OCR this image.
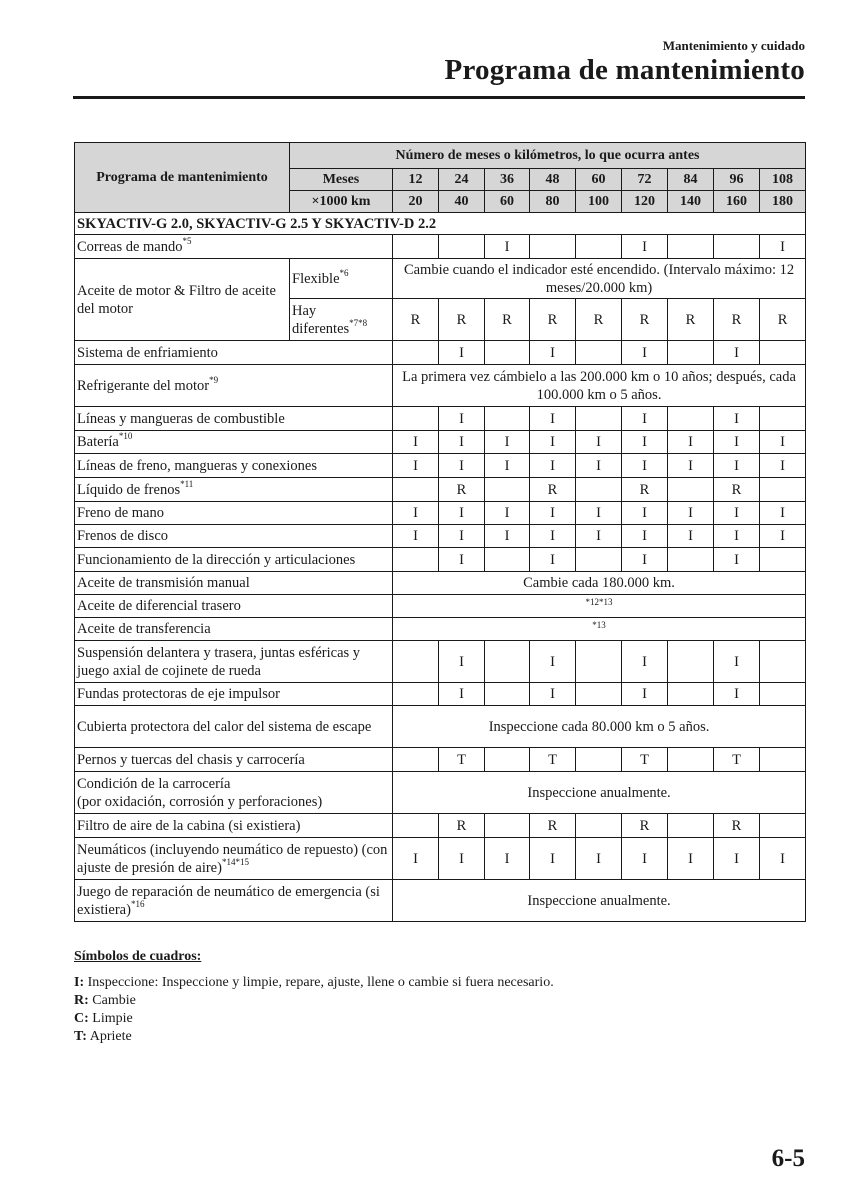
Mantenimiento y cuidado
Programa de mantenimiento
Programa de mantenimiento	Número de meses o kilómetros, lo que ocurra antes									
	Meses	12	24	36	48	60	72	84	96	108
	×1000 km	20	40	60	80	100	120	140	160	180
SKYACTIV-G 2.0, SKYACTIV-G 2.5 Y SKYACTIV-D 2.2										
Correas de mando$^{*5}$				I			I			I
Aceite de motor & Filtro de aceite del motor	Flexible$^{*6}$	Cambie cuando el indicador esté encendido. (Intervalo máximo: 12 meses/20.000 km)								
	Hay diferentes$^{*7*8}$	R	R	R	R	R	R	R	R	R
Sistema de enfriamiento			I		I		I		I	
Refrigerante del motor$^{*9}$		La primera vez cámbielo a las 200.000 km o 10 años; después, cada 100.000 km o 5 años.								
Líneas y mangueras de combustible			I		I		I		I	
Batería$^{*10}$		I	I	I	I	I	I	I	I	I
Líneas de freno, mangueras y conexiones		I	I	I	I	I	I	I	I	I
Líquido de frenos$^{*11}$			R		R		R		R	
Freno de mano		I	I	I	I	I	I	I	I	I
Frenos de disco		I	I	I	I	I	I	I	I	I
Funcionamiento de la dirección y articulaciones			I		I		I		I	
Aceite de transmisión manual		Cambie cada 180.000 km.								
Aceite de diferencial trasero		*12*13								

Aceite de transferencia		*13								

Suspensión delantera y trasera, juntas esféricas y juego axial de cojinete de rueda			I		I		I		I	
Fundas protectoras de eje impulsor			I		I		I		I	
Cubierta protectora del calor del sistema de escape		Inspeccione cada 80.000 km o 5 años.								
Pernos y tuercas del chasis y carrocería			T		T		T		T	
Condición de la carrocería
(por oxidación, corrosión y perforaciones)		Inspeccione anualmente.								
Filtro de aire de la cabina (si existiera)			R		R		R		R	
Neumáticos (incluyendo neumático de repuesto) (con ajuste de presión de aire)$^{*14*15}$		I	I	I	I	I	I	I	I	I
Juego de reparación de neumático de emergencia (si existiera)$^{*16}$		Inspeccione anualmente.								
Símbolos de cuadros:
I: Inspeccione: Inspeccione y limpie, repare, ajuste, llene o cambie si fuera necesario.
R: Cambie
C: Limpie
T: Apriete
6-5
